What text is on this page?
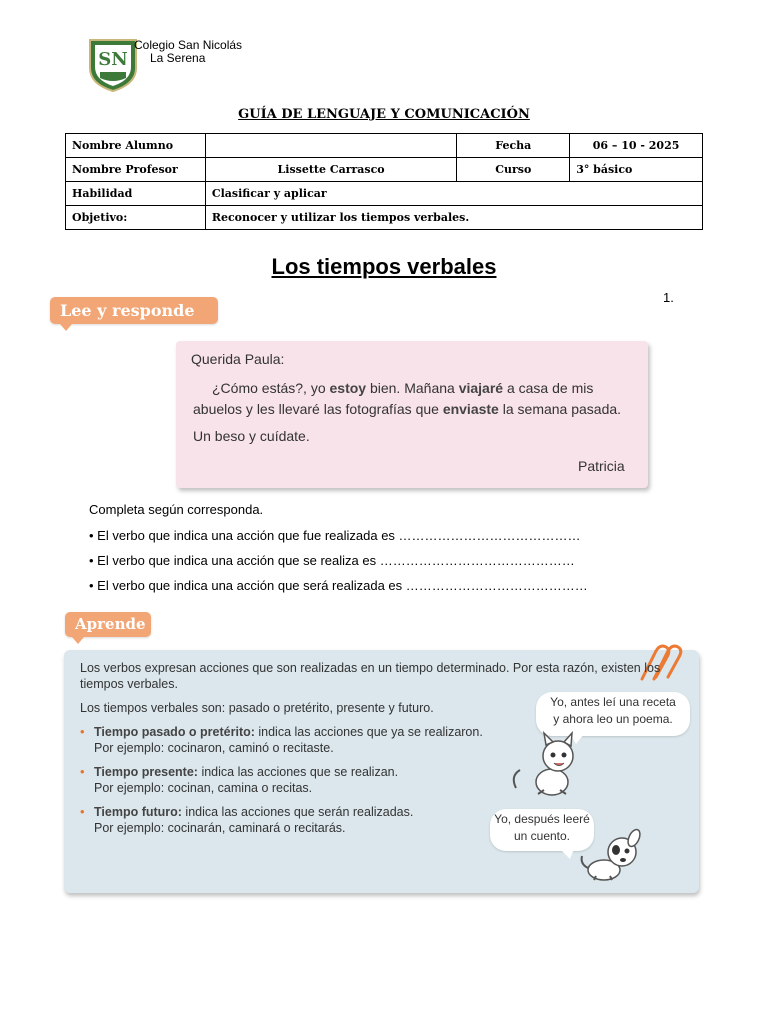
SN
Colegio San Nicolás
La Serena
GUÍA DE LENGUAJE Y COMUNICACIÓN
Nombre Alumno		Fecha	06 – 10 - 2025
Nombre Profesor	Lissette Carrasco	Curso	3° básico
Habilidad	Clasificar y aplicar		
Objetivo:	Reconocer y utilizar los tiempos verbales.		
Los tiempos verbales
1.
Lee y responde
Querida Paula:
¿Cómo estás?, yo estoy bien. Mañana viajaré a casa de mis abuelos y les llevaré las fotografías que enviaste la semana pasada.
Un beso y cuídate.
Patricia
Completa según corresponda.
• El verbo que indica una acción que fue realizada es ……………………………………
• El verbo que indica una acción que se realiza es ………………………………………
• El verbo que indica una acción que será realizada es ……………………………………
Aprende
Los verbos expresan acciones que son realizadas en un tiempo determinado. Por esta razón, existen los tiempos verbales.
Los tiempos verbales son: pasado o pretérito, presente y futuro.
• Tiempo pasado o pretérito: indica las acciones que ya se realizaron.
Por ejemplo: cocinaron, caminó o recitaste.
• Tiempo presente: indica las acciones que se realizan.
Por ejemplo: cocinan, camina o recitas.
• Tiempo futuro: indica las acciones que serán realizadas.
Por ejemplo: cocinarán, caminará o recitarás.
Yo, antes leí una receta
y ahora leo un poema.
Yo, después leeré
un cuento.
